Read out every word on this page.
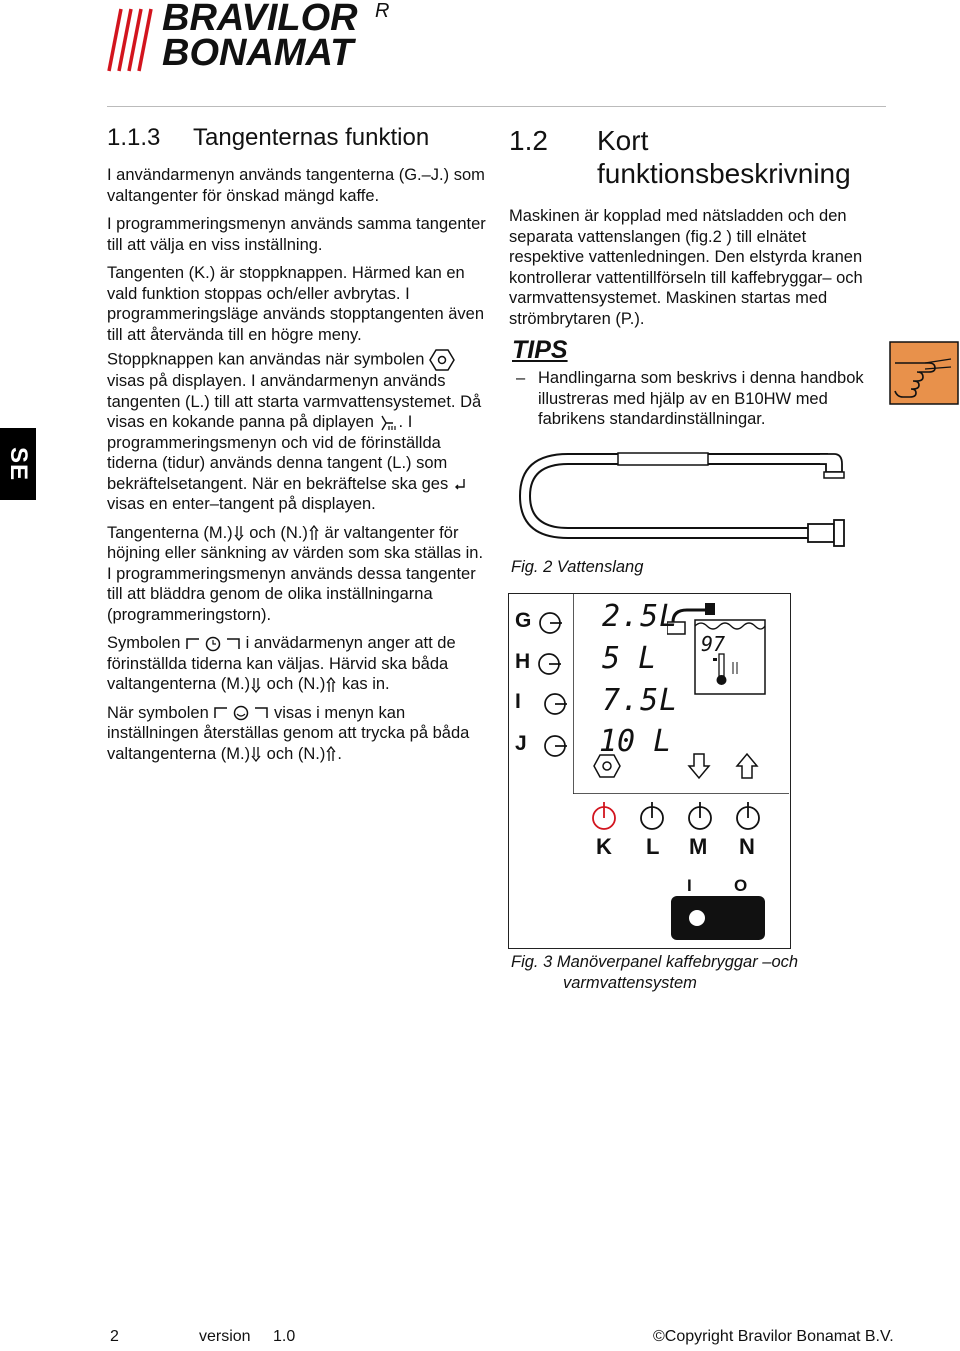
BRAVILOR
BONAMAT
R
SE
1.1.3 Tangenternas funktion

I användarmenyn används tangenterna (G.–J.) som valtangenter för önskad mängd kaffe.

I programmeringsmenyn används samma tangenter till att välja en viss inställning.

Tangenten (K.) är stoppknappen. Härmed kan en vald funktion stoppas och/eller avbrytas. I programmeringsläge används stopptangenten även till att återvända till en högre meny.

Stoppknappen kan användas när symbolen  visas på displayen. I användarmenyn används tangenten (L.) till att starta varmvattensystemet. Då visas en kokande panna på diplayen . I programmeringsmenyn och vid de förinställda tiderna (tidur) används denna tangent (L.) som bekräftelsetangent. När en bekräftelse ska ges  visas en enter–tangent på displayen.

Tangenterna (M.) och (N.) är valtangenter för höjning eller sänkning av värden som ska ställas in. I programmeringsmenyn används dessa tangenter till att bläddra genom de olika inställningarna (programmeringstorn).

Symbolen	i anvädarmenyn anger att de förinställda tiderna kan väljas. Härvid ska båda valtangenterna (M.) och (N.) kas in.

När symbolen	visas i menyn kan inställningen återställas genom att trycka på båda valtangenterna (M.) och (N.) .

1.2 Kort
funktionsbeskrivning

Maskinen är kopplad med nätsladden och den separata vattenslangen (fig.2 ) till elnätet respektive vattenledningen. Den elstyrda kranen kontrollerar vattentillförseln till kaffebryggar– och varmvattensystemet. Maskinen startas med strömbrytaren (P.).

TIPS
– Handlingarna som beskrivs i denna handbok illustreras med hjälp av en B10HW med fabrikens standardinställningar.
Fig. 2 Vattenslang
G
H
I
J
2.5L
5 L
7.5L
10 L
97
K L M N
I O
Fig. 3 Manöverpanel kaffebryggar –och
varmvattensystem
2	version 1.0	©Copyright Bravilor Bonamat B.V.
